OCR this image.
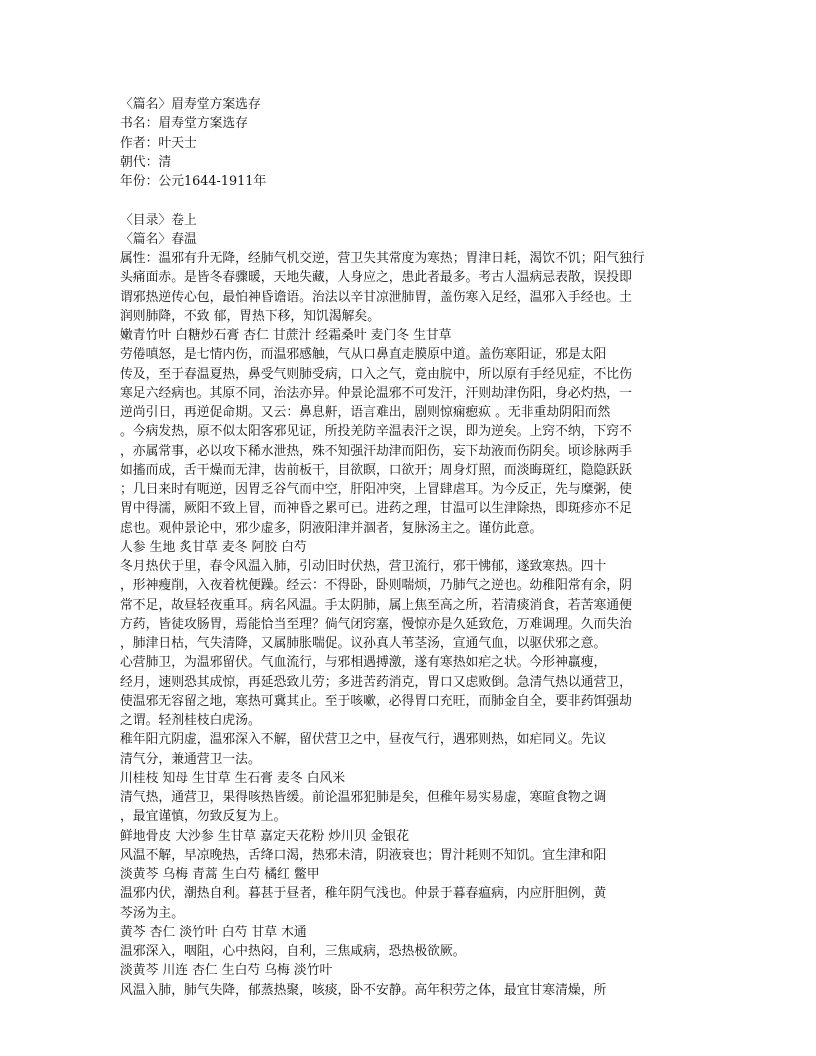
〈篇名〉眉寿堂方案选存
书名：眉寿堂方案选存
作者：叶天士
朝代：清
年份：公元1644-1911年
〈目录〉卷上
〈篇名〉春温
属性：温邪有升无降，经肺气机交逆，营卫失其常度为寒热；胃津日耗，渴饮不饥；阳气独行
头痛面赤。是皆冬春骤暖，天地失藏，人身应之，患此者最多。考古人温病忌表散，误投即
谓邪热逆传心包，最怕神昏谵语。治法以辛甘凉泄肺胃，盖伤寒入足经，温邪入手经也。土
润则肺降，不致 郁，胃热下移，知饥渴解矣。
嫩青竹叶 白糖炒石膏 杏仁 甘蔗汁 经霜桑叶 麦门冬 生甘草
劳倦嗔怒，是七情内伤，而温邪感触，气从口鼻直走膜原中道。盖伤寒阳证，邪是太阳
传及，至于春温夏热，鼻受气则肺受病，口入之气，竟由脘中，所以原有手经见症，不比伤
寒足六经病也。其原不同，治法亦异。仲景论温邪不可发汗，汗则劫津伤阳，身必灼热，一
逆尚引日，再逆促命期。又云：鼻息鼾，语言难出，剧则惊痫瘛疭 。无非重劫阴阳而然
。今病发热，原不似太阳客邪见证，所投羌防辛温表汗之误，即为逆矣。上窍不纳，下窍不
，亦属常事，必以攻下稀水泄热，殊不知强汗劫津而阳伤，妄下劫液而伤阴矣。顷诊脉两手
如搐而成，舌干燥而无津，齿前板干，目欲瞑，口欲开；周身灯照，而淡晦斑红，隐隐跃跃
；几日来时有呃逆，因胃乏谷气而中空，肝阳冲突，上冒肆虐耳。为今反正，先与糜粥，使
胃中得濡，厥阳不致上冒，而神昏之累可已。进药之理，甘温可以生津除热，即斑疹亦不足
虑也。观仲景论中，邪少虚多，阴液阳津并涸者，复脉汤主之。谨仿此意。
人参 生地 炙甘草 麦冬 阿胶 白芍
冬月热伏于里，春令风温入肺，引动旧时伏热，营卫流行，邪干怫郁，遂致寒热。四十
，形神瘦削，入夜着枕便躁。经云：不得卧，卧则喘烦，乃肺气之逆也。幼稚阳常有余，阴
常不足，故昼轻夜重耳。病名风温。手太阴肺，属上焦至高之所，若清痰消食，若苦寒通便
方药，皆徒攻肠胃，焉能恰当至理？倘气闭窍塞，慢惊亦是久延致危，万难调理。久而失治
，肺津日枯，气失清降，又属肺胀喘促。议孙真人苇茎汤，宣通气血，以驱伏邪之意。
心营肺卫，为温邪留伏。气血流行，与邪相遇搏激，遂有寒热如疟之状。今形神羸瘦，
经月，速则恐其成惊，再延恐致儿劳；多进苦药消克，胃口又虑败倒。急清气热以通营卫，
使温邪无容留之地，寒热可冀其止。至于咳嗽，必得胃口充旺，而肺金自全，要非药饵强劫
之谓。轻剂桂枝白虎汤。
稚年阳亢阴虚，温邪深入不解，留伏营卫之中，昼夜气行，遇邪则热，如疟同义。先议
清气分，兼通营卫一法。
川桂枝 知母 生甘草 生石膏 麦冬 白风米
清气热，通营卫，果得咳热皆缓。前论温邪犯肺是矣，但稚年易实易虚，寒暄食物之调
，最宜谨慎，勿致反复为上。
鲜地骨皮 大沙参 生甘草 嘉定天花粉 炒川贝 金银花
风温不解，早凉晚热，舌绛口渴，热邪未清，阴液衰也；胃汁耗则不知饥。宜生津和阳
淡黄芩 乌梅 青蒿 生白芍 橘红 鳖甲
温邪内伏，潮热自利。暮甚于昼者，稚年阴气浅也。仲景于暮春瘟病，内应肝胆例，黄
芩汤为主。
黄芩 杏仁 淡竹叶 白芍 甘草 木通
温邪深入，咽阻，心中热闷，自利，三焦咸病，恐热极欲厥。
淡黄芩 川连 杏仁 生白芍 乌梅 淡竹叶
风温入肺，肺气失降，郁蒸热聚，咳痰，卧不安静。高年积劳之体，最宜甘寒清燥，所
